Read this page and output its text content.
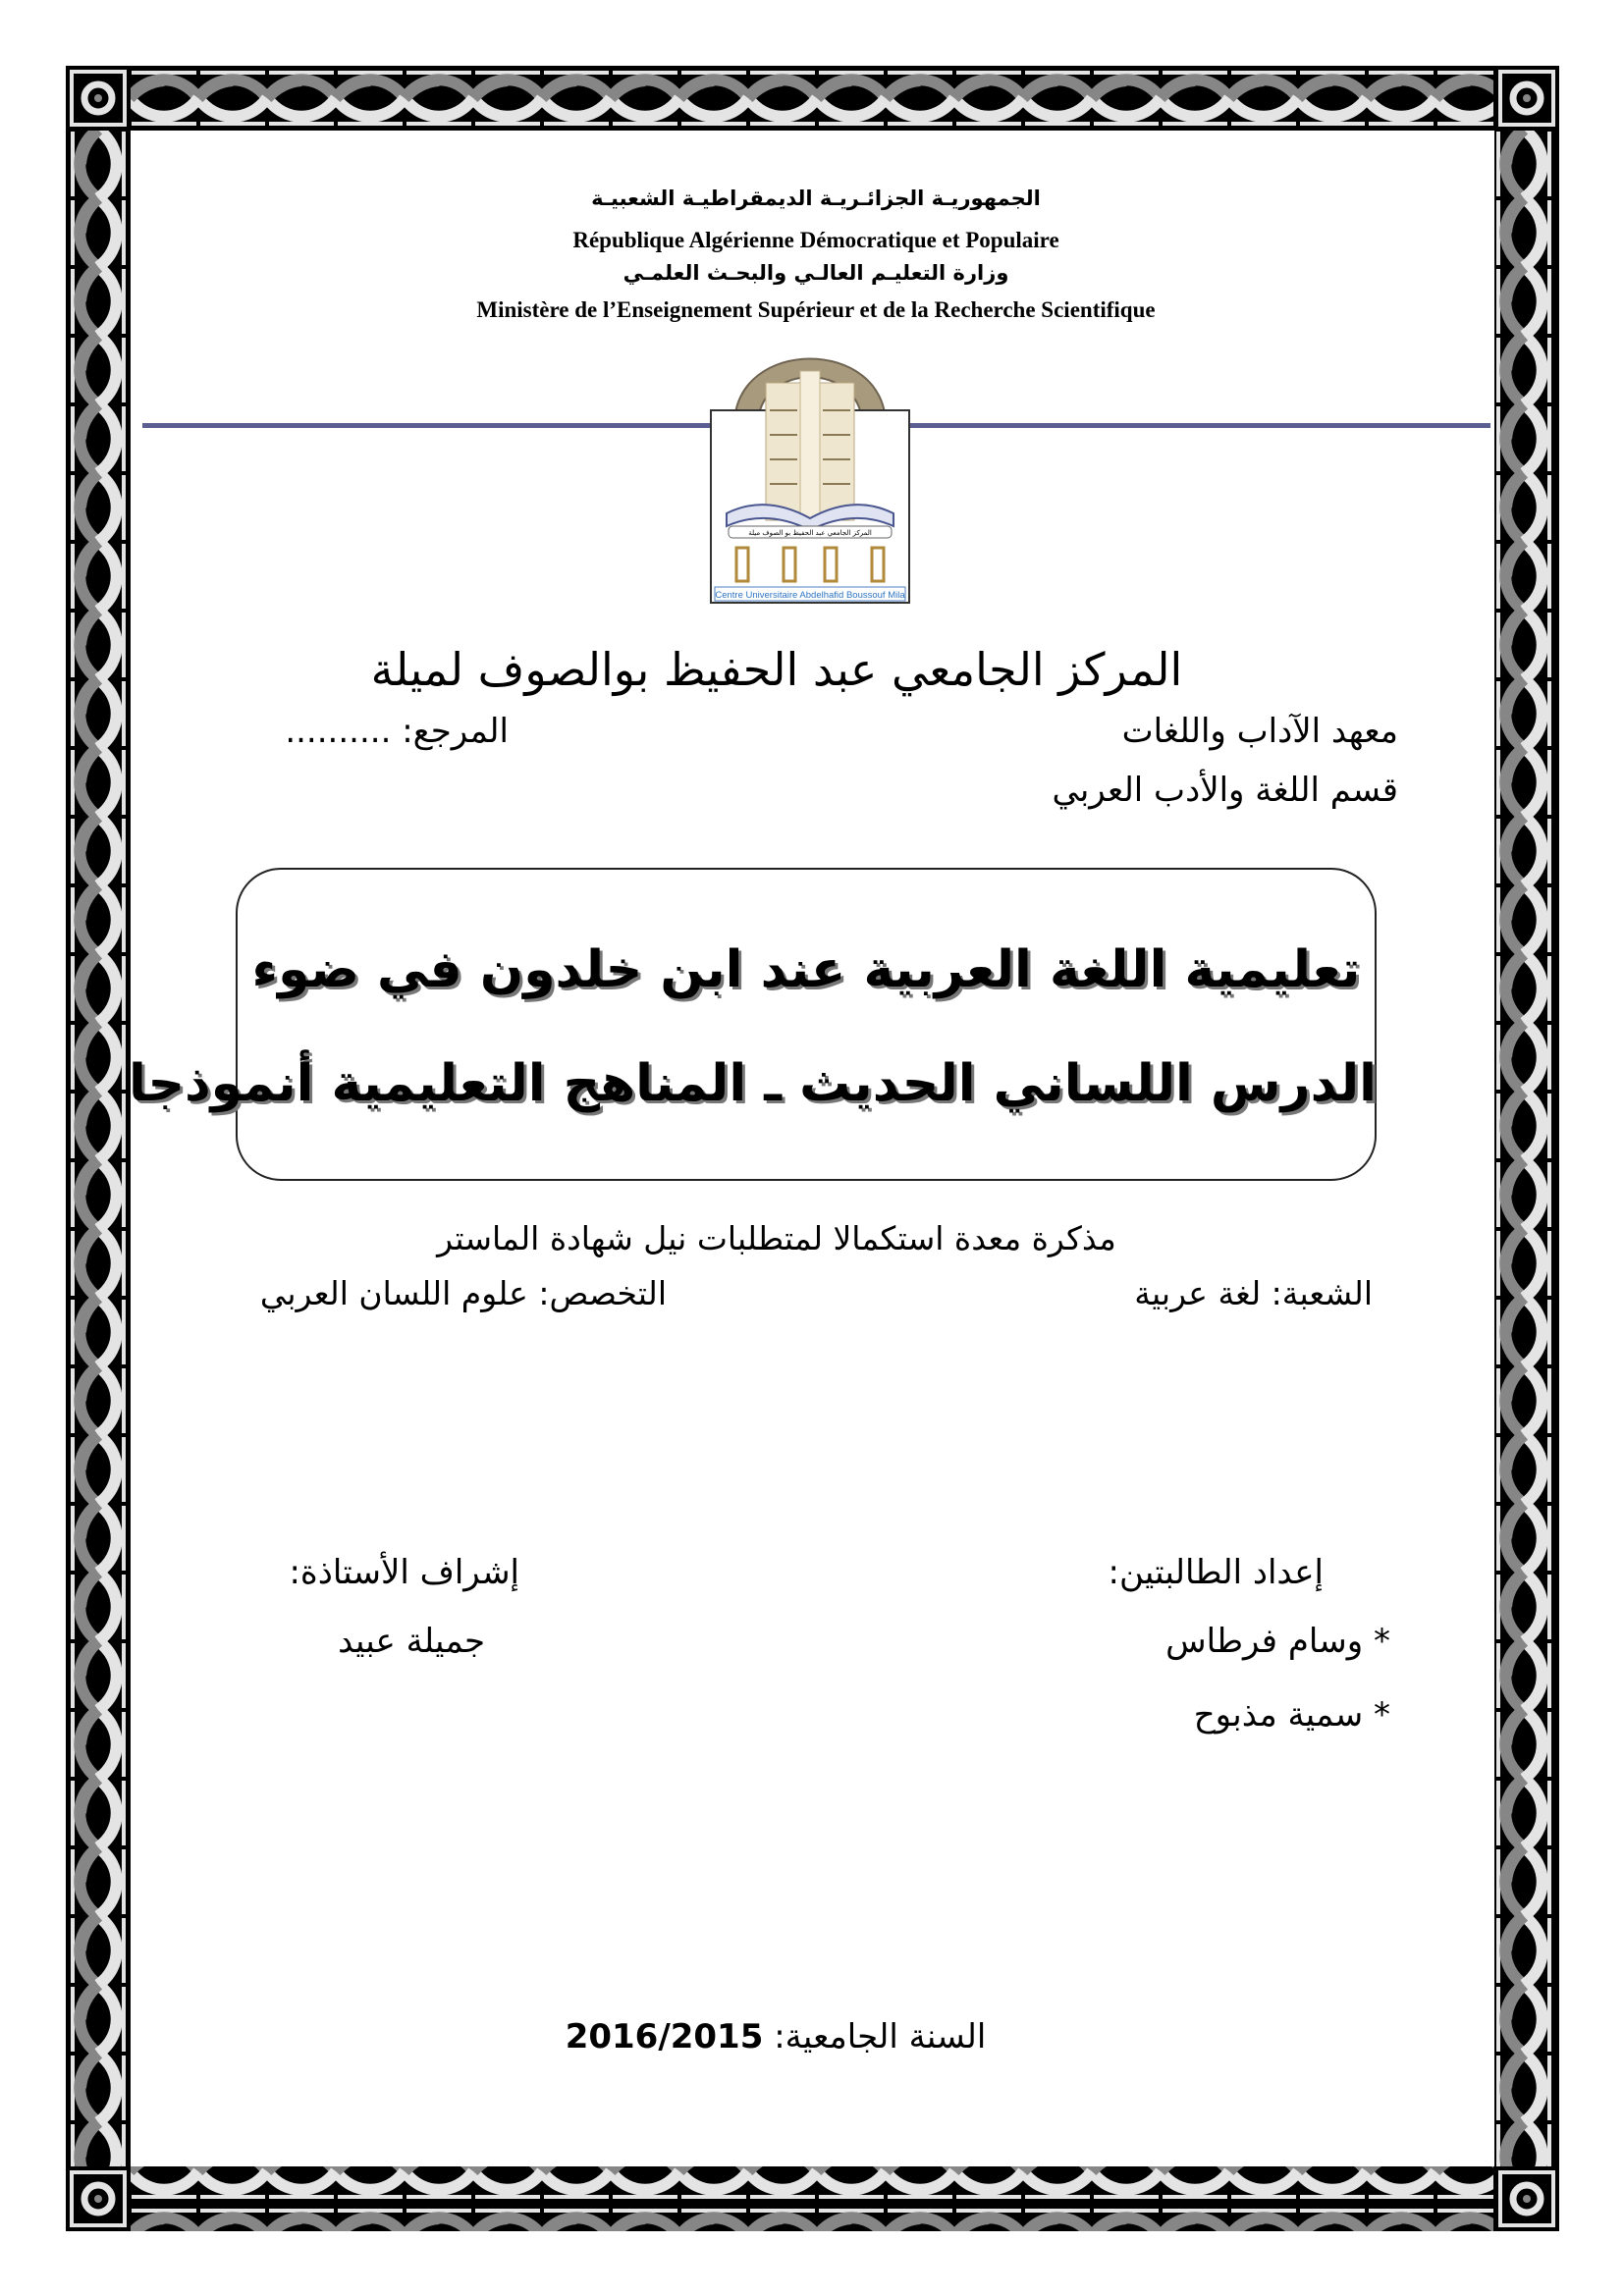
الجمهوريـة الجزائـريـة الديمقراطيـة الشعبيـة
République Algérienne Démocratique et Populaire
وزارة التعليـم العالـي والبحـث العلمـي
Ministère de l’Enseignement Supérieur et de la Recherche Scientifique
المركز الجامعي عبد الحفيظ بو الصوف ميلة
Centre Universitaire Abdelhafid Boussouf Mila
المركز الجامعي عبد الحفيظ بوالصوف لميلة
معهد الآداب واللغات
المرجع: ..........
قسم اللغة والأدب العربي
تعليمية اللغة العربية عند ابن خلدون في ضوء
الدرس اللساني الحديث ـ المناهج التعليمية أنموذجا
مذكرة معدة استكمالا لمتطلبات نيل شهادة الماستر
الشعبة: لغة عربية
التخصص: علوم اللسان العربي
إعداد الطالبتين:
إشراف الأستاذة:
* وسام فرطاس
* سمية مذبوح
جميلة عبيد
السنة الجامعية: 2016/2015
